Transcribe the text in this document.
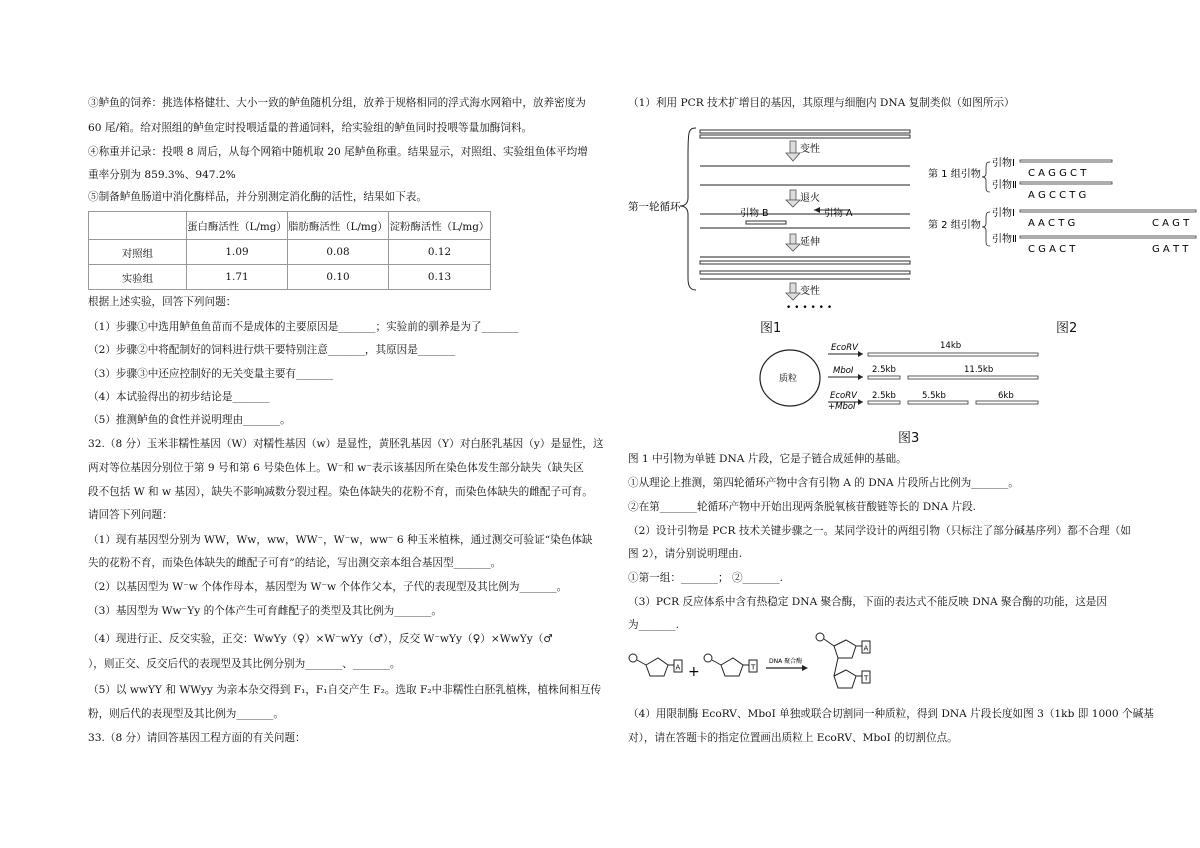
③鲈鱼的饲养：挑选体格健壮、大小一致的鲈鱼随机分组，放养于规格相同的浮式海水网箱中，放养密度为
60 尾/箱。给对照组的鲈鱼定时投喂适量的普通饲料，给实验组的鲈鱼同时投喂等量加酶饲料。
④称重并记录：投喂 8 周后，从每个网箱中随机取 20 尾鲈鱼称重。结果显示，对照组、实验组鱼体平均增
重率分别为 859.3%、947.2%
⑤制备鲈鱼肠道中消化酶样品，并分别测定消化酶的活性，结果如下表。
	蛋白酶活性（L/mg）	脂肪酶活性（L/mg）	淀粉酶活性（L/mg）
对照组	1.09	0.08	0.12
实验组	1.71	0.10	0.13
根据上述实验，回答下列问题：
（1）步骤①中选用鲈鱼鱼苗而不是成体的主要原因是_______；实验前的驯养是为了_______
（2）步骤②中将配制好的饲料进行烘干要特别注意_______，其原因是_______
（3）步骤③中还应控制好的无关变量主要有_______
（4）本试验得出的初步结论是_______
（5）推测鲈鱼的食性并说明理由_______。
32.（8 分）玉米非糯性基因（W）对糯性基因（w）是显性，黄胚乳基因（Y）对白胚乳基因（y）是显性，这
两对等位基因分别位于第 9 号和第 6 号染色体上。W⁻和 w⁻表示该基因所在染色体发生部分缺失（缺失区
段不包括 W 和 w 基因），缺失不影响减数分裂过程。染色体缺失的花粉不育，而染色体缺失的雌配子可育。
请回答下列问题：
（1）现有基因型分别为 WW，Ww，ww，WW⁻，W⁻w，ww⁻ 6 种玉米植株，通过测交可验证“染色体缺
失的花粉不育，而染色体缺失的雌配子可育”的结论，写出测交亲本组合基因型_______。
（2）以基因型为 W⁻w 个体作母本，基因型为 W⁻w 个体作父本，子代的表现型及其比例为_______。
（3）基因型为 Ww⁻Yy 的个体产生可育雌配子的类型及其比例为_______。
（4）现进行正、反交实验，正交：WwYy（♀）×W⁻wYy（♂），反交 W⁻wYy（♀）×WwYy（♂
），则正交、反交后代的表现型及其比例分别为_______、_______。
（5）以 wwYY 和 WWyy 为亲本杂交得到 F₁，F₁自交产生 F₂。选取 F₂中非糯性白胚乳植株，植株间相互传
粉，则后代的表现型及其比例为_______。
33.（8 分）请回答基因工程方面的有关问题：
（1）利用 PCR 技术扩增目的基因，其原理与细胞内 DNA 复制类似（如图所示）
第一轮循环
变性
退火
引物 B	引物 A
延伸
变性
• • • • • •
图1
第 1 组引物
引物Ⅰ
引物Ⅱ
C A G G C T
A G C C T G
第 2 组引物
引物Ⅰ
引物Ⅱ
A A C T G	C A G T
C G A C T	G A T T
图2
质粒
EcoRV	14kb
MboI 2.5kb	11.5kb
EcoRV
+MboI
2.5kb	5.5kb	6kb
图3
图 1 中引物为单链 DNA 片段，它是子链合成延伸的基础。
①从理论上推测，第四轮循环产物中含有引物 A 的 DNA 片段所占比例为_______。
②在第_______轮循环产物中开始出现两条脱氧核苷酸链等长的 DNA 片段.
（2）设计引物是 PCR 技术关键步骤之一。某同学设计的两组引物（只标注了部分碱基序列）都不合理（如
图 2），请分别说明理由.
①第一组：_______； ②_______.
（3）PCR 反应体系中含有热稳定 DNA 聚合酶，下面的表达式不能反映 DNA 聚合酶的功能，这是因
为_______.
A +	T
DNA 聚合酶
A
T
（4）用限制酶 EcoRV、MboI 单独或联合切割同一种质粒，得到 DNA 片段长度如图 3（1kb 即 1000 个碱基
对），请在答题卡的指定位置画出质粒上 EcoRV、MboI 的切割位点。
